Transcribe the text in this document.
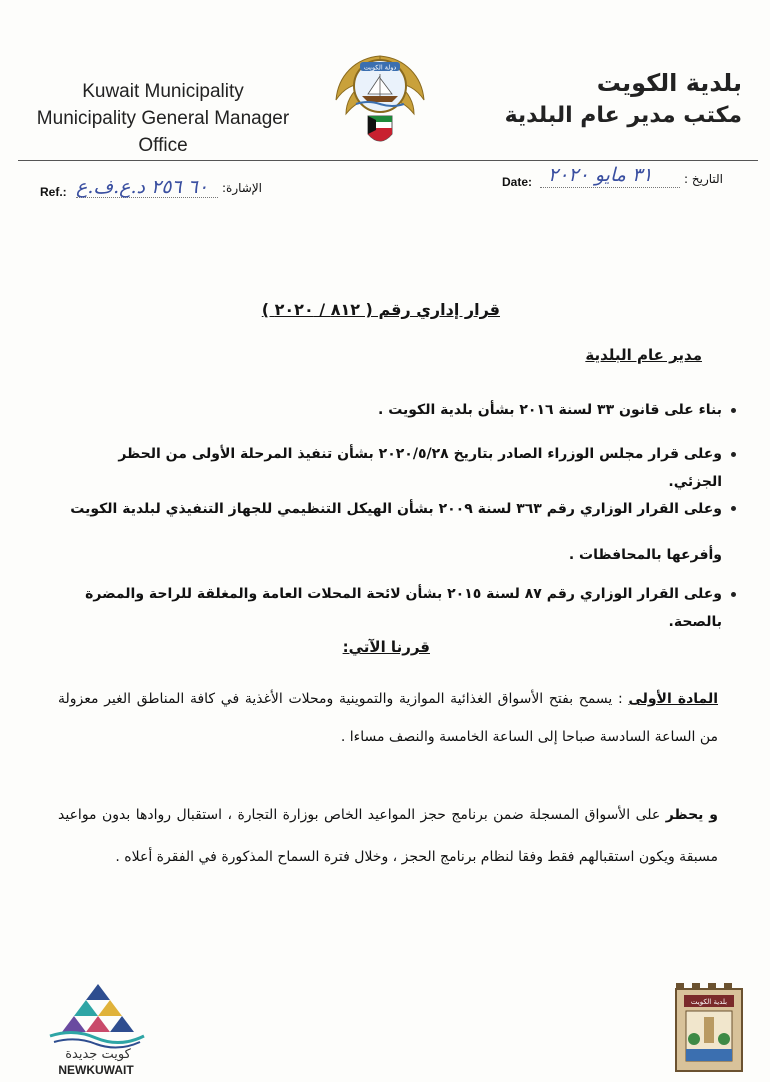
Kuwait Municipality
Municipality General Manager Office
دولة الكويت
بلدية الكويت
مكتب مدير عام البلدية
Ref.: ٦٠ ٢٥٦ د.ع.ف.ع الإشارة:	Date: ٣١ مايو ٢٠٢٠	التاريخ :
قرار إداري رقم ( ٨١٢ / ٢٠٢٠ )
مدير عام البلدية
بناء على قانون ٣٣ لسنة ٢٠١٦ بشأن بلدية الكويت .
وعلى قرار مجلس الوزراء الصادر بتاريخ ٢٠٢٠/٥/٢٨ بشأن تنفيذ المرحلة الأولى من الحظر الجزئي.
وعلى القرار الوزاري رقم ٣٦٣ لسنة ٢٠٠٩ بشأن الهيكل التنظيمي للجهاز التنفيذي لبلدية الكويت وأفرعها بالمحافظات .
وعلى القرار الوزاري رقم ٨٧ لسنة ٢٠١٥ بشأن لائحة المحلات العامة والمغلقة للراحة والمضرة بالصحة.
قررنا الآتي:
المادة الأولى : يسمح بفتح الأسواق الغذائية الموازية والتموينية ومحلات الأغذية في كافة المناطق الغير معزولة من الساعة السادسة صباحا إلى الساعة الخامسة والنصف مساءا .
و يحظر على الأسواق المسجلة ضمن برنامج حجز المواعيد الخاص بوزارة التجارة ، استقبال روادها بدون مواعيد مسبقة ويكون استقبالهم فقط وفقا لنظام برنامج الحجز ، وخلال فترة السماح المذكورة في الفقرة أعلاه .
كويت جديدة
NEWKUWAIT
بلدية الكويت
